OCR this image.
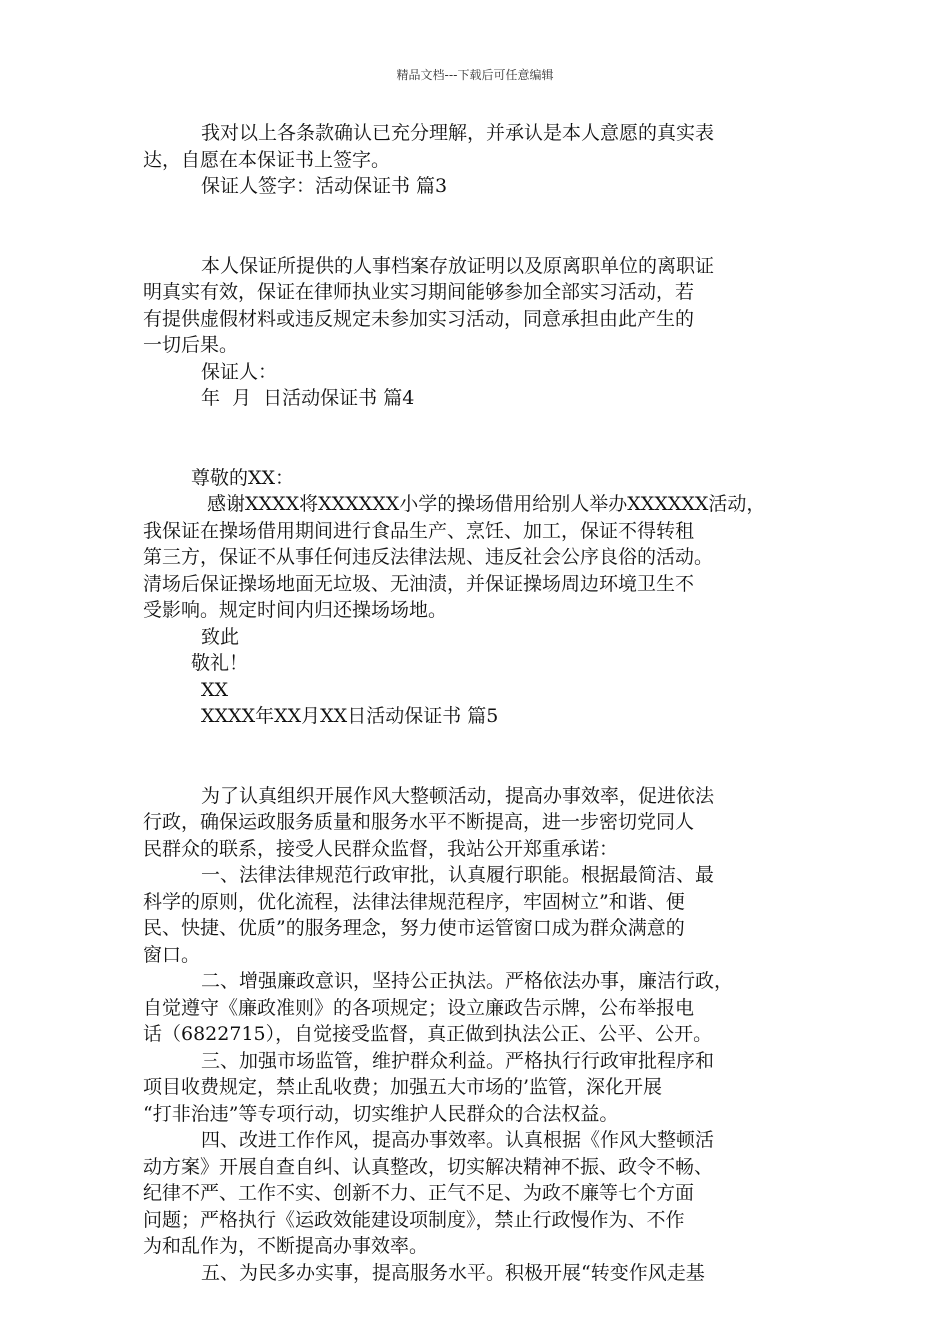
精品文档---下载后可任意编辑
我对以上各条款确认已充分理解，并承认是本人意愿的真实表
达，自愿在本保证书上签字。
保证人签字：活动保证书 篇3
本人保证所提供的人事档案存放证明以及原离职单位的离职证
明真实有效，保证在律师执业实习期间能够参加全部实习活动，若
有提供虚假材料或违反规定未参加实习活动，同意承担由此产生的
一切后果。
保证人：
年  月  日活动保证书 篇4
尊敬的XX：
感谢XXXX将XXXXXX小学的操场借用给别人举办XXXXXX活动，
我保证在操场借用期间进行食品生产、烹饪、加工，保证不得转租
第三方，保证不从事任何违反法律法规、违反社会公序良俗的活动。
清场后保证操场地面无垃圾、无油渍，并保证操场周边环境卫生不
受影响。规定时间内归还操场场地。
致此
敬礼！
XX
XXXX年XX月XX日活动保证书 篇5
为了认真组织开展作风大整顿活动，提高办事效率，促进依法
行政，确保运政服务质量和服务水平不断提高，进一步密切党同人
民群众的联系，接受人民群众监督，我站公开郑重承诺：
一、法律法律规范行政审批，认真履行职能。根据最简洁、最
科学的原则，优化流程，法律法律规范程序，牢固树立”和谐、便
民、快捷、优质”的服务理念，努力使市运管窗口成为群众满意的
窗口。
二、增强廉政意识，坚持公正执法。严格依法办事，廉洁行政，
自觉遵守《廉政准则》的各项规定；设立廉政告示牌，公布举报电
话（6822715），自觉接受监督，真正做到执法公正、公平、公开。
三、加强市场监管，维护群众利益。严格执行行政审批程序和
项目收费规定，禁止乱收费；加强五大市场的’监管，深化开展
“打非治违”等专项行动，切实维护人民群众的合法权益。
四、改进工作作风，提高办事效率。认真根据《作风大整顿活
动方案》开展自查自纠、认真整改，切实解决精神不振、政令不畅、
纪律不严、工作不实、创新不力、正气不足、为政不廉等七个方面
问题；严格执行《运政效能建设项制度》，禁止行政慢作为、不作
为和乱作为，不断提高办事效率。
五、为民多办实事，提高服务水平。积极开展“转变作风走基
